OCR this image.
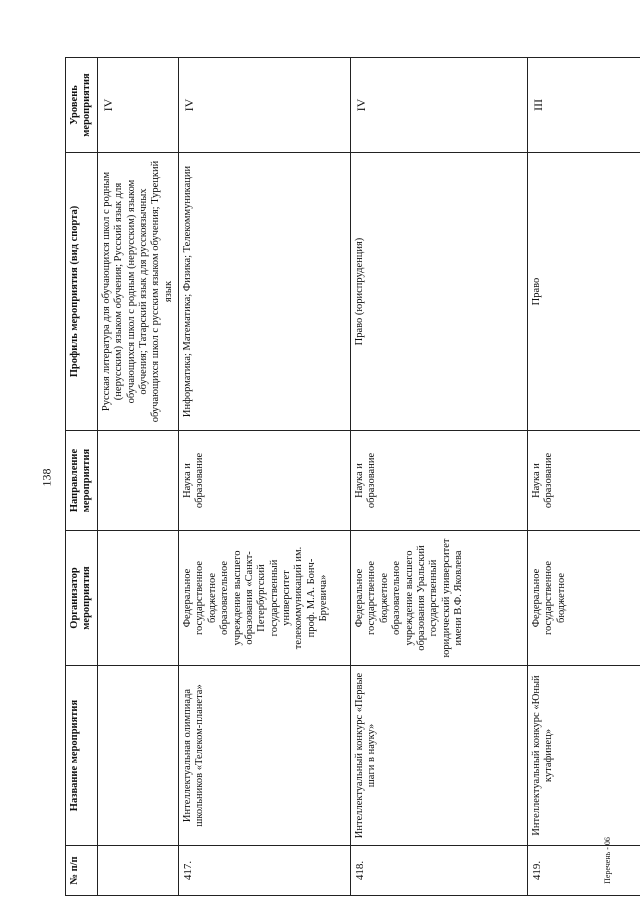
138
№ п/п	Название мероприятия	Организатор мероприятия	Направление мероприятия	Профиль мероприятия (вид спорта)	Уровень мероприятия
				Русская литература для обучающихся школ с родным (нерусским) языком обучения; Русский язык для обучающихся школ с родным (нерусским) языком обучения; Татарский язык для русскоязычных обучающихся школ с русским языком обучения; Турецкий язык	IV
417.	Интеллектуальная олимпиада школьников «Телеком-планета»	Федеральное государственное бюджетное образовательное учреждение высшего образования «Санкт-Петербургский государственный университет телекоммуникаций им. проф. М.А. Бонч-Бруевича»	Наука и образование	Информатика; Математика; Физика; Телекоммуникации	IV
418.	Интеллектуальный конкурс «Первые шаги в науку»	Федеральное государственное бюджетное образовательное учреждение высшего образования Уральский государственный юридический университет имени В.Ф. Яковлева	Наука и образование	Право (юриспруденция)	IV
419.	Интеллектуальный конкурс «Юный кутафинец»	Федеральное государственное бюджетное	Наука и образование	Право	III
Перечень - 06
